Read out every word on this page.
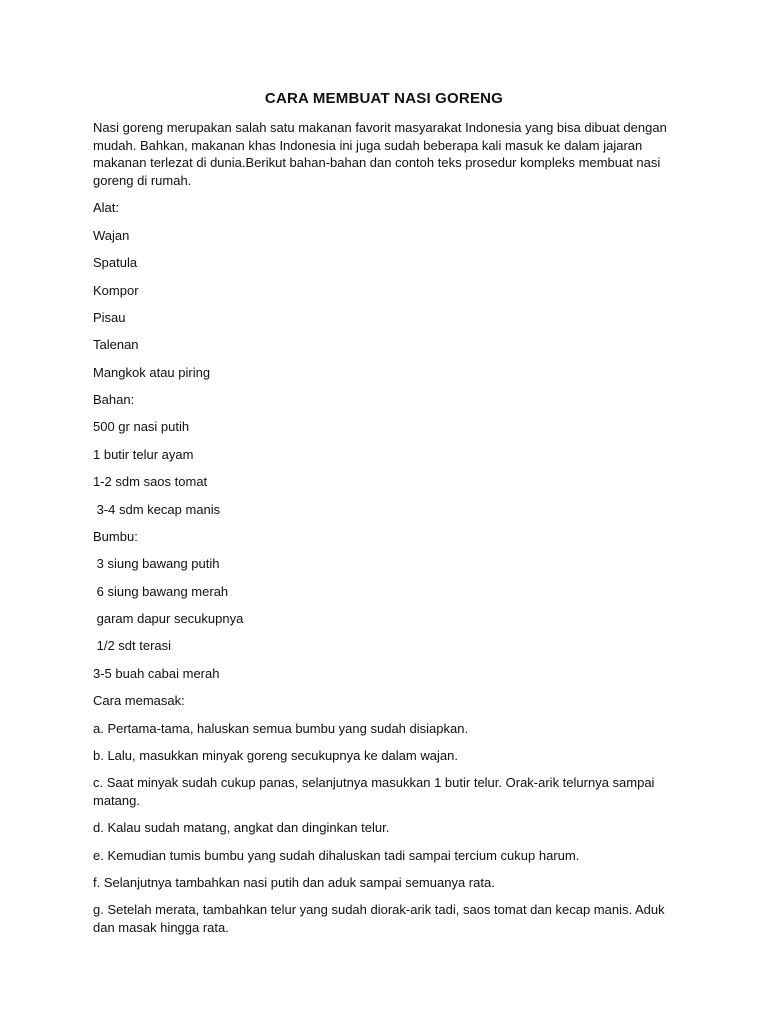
CARA MEMBUAT NASI GORENG
Nasi goreng merupakan salah satu makanan favorit masyarakat Indonesia yang bisa dibuat dengan mudah. Bahkan, makanan khas Indonesia ini juga sudah beberapa kali masuk ke dalam jajaran makanan terlezat di dunia.Berikut bahan-bahan dan contoh teks prosedur kompleks membuat nasi goreng di rumah.
Alat:
Wajan
Spatula
Kompor
Pisau
Talenan
Mangkok atau piring
Bahan:
500 gr nasi putih
1 butir telur ayam
1-2 sdm saos tomat
3-4 sdm kecap manis
Bumbu:
3 siung bawang putih
6 siung bawang merah
garam dapur secukupnya
1/2 sdt terasi
3-5 buah cabai merah
Cara memasak:
a. Pertama-tama, haluskan semua bumbu yang sudah disiapkan.
b. Lalu, masukkan minyak goreng secukupnya ke dalam wajan.
c. Saat minyak sudah cukup panas, selanjutnya masukkan 1 butir telur. Orak-arik telurnya sampai matang.
d. Kalau sudah matang, angkat dan dinginkan telur.
e. Kemudian tumis bumbu yang sudah dihaluskan tadi sampai tercium cukup harum.
f. Selanjutnya tambahkan nasi putih dan aduk sampai semuanya rata.
g. Setelah merata, tambahkan telur yang sudah diorak-arik tadi, saos tomat dan kecap manis. Aduk dan masak hingga rata.
